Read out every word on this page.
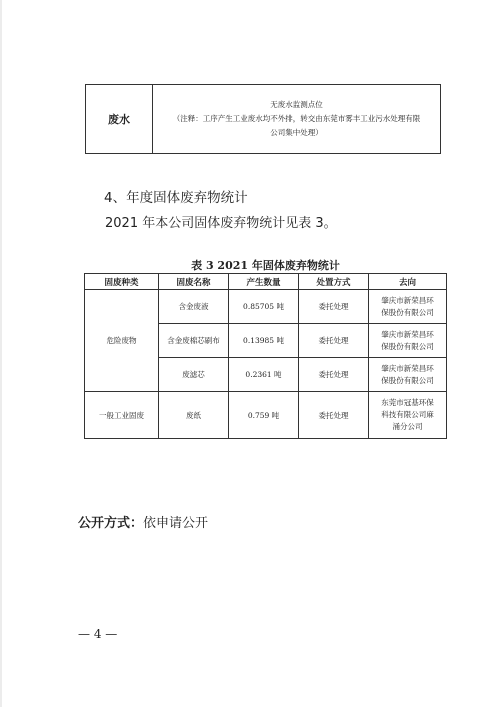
废水	
无废水监测点位
（注释：工序产生工业废水均不外排，转交由东莞市雾丰工业污水处理有限
公司集中处理）
4、年度固体废弃物统计
2021 年本公司固体废弃物统计见表 3。
表 3 2021 年固体废弃物统计
固废种类	固废名称	产生数量	处置方式	去向
危险废物	含金废液	0.85705 吨	委托处理	肇庆市新荣昌环
保股份有限公司

	含金废棉芯刷布	0.13985 吨	委托处理	肇庆市新荣昌环
保股份有限公司

	废滤芯	0.2361 吨	委托处理	肇庆市新荣昌环
保股份有限公司

一般工业固废	废纸	0.759 吨	委托处理	东莞市冠基环保
科技有限公司麻
涌分公司
公开方式：依申请公开
— 4 —
